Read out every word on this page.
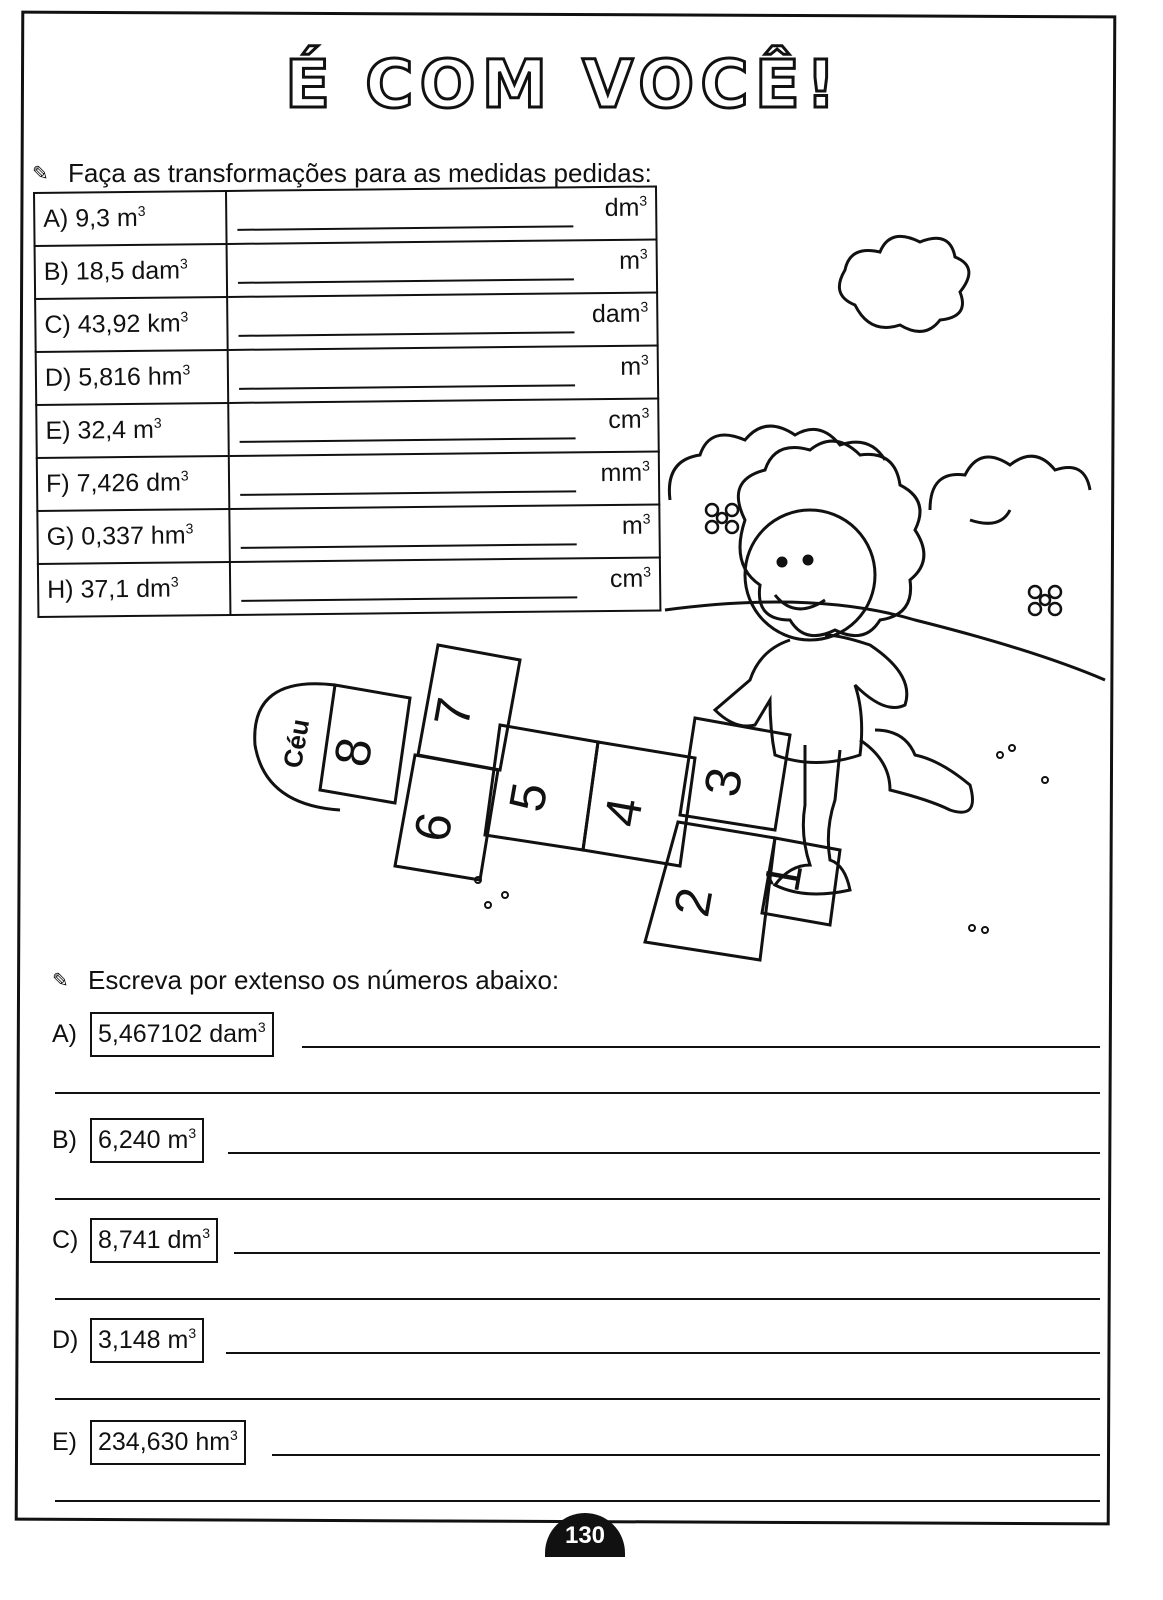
É COM VOCÊ!
✎ Faça as transformações para as medidas pedidas:
A) 9,3 $m^3$	$dm^3$

B) 18,5 dam$^3$	$m^3$

C) 43,92 $km^3$	dam$^3$

D) 5,816 $hm^3$	$m^3$

E) 32,4 $m^3$	$cm^3$

F) 7,426 $dm^3$	$mm^3$

G) 0,337 $hm^3$	$m^3$

H) 37,1 $dm^3$	$cm^3$
Céu 8
7
6
5 4
3
2
1
✎ Escreva por extenso os números abaixo:
A) 5,467102 dam$^3$
B) 6,240 $m^3$
C) 8,741 $dm^3$
D) 3,148 $m^3$
E) 234,630 $hm^3$
130
